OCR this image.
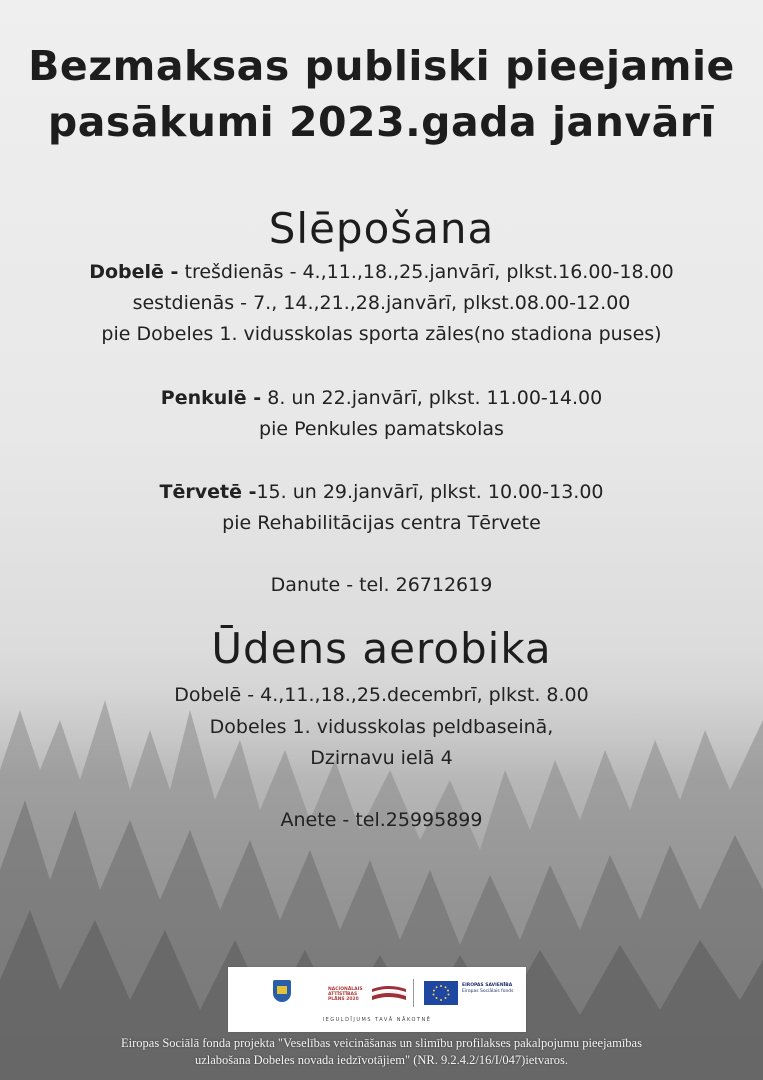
Bezmaksas publiski pieejamie
pasākumi 2023.gada janvārī
Slēpošana
Dobelē - trešdienās - 4.,11.,18.,25.janvārī, plkst.16.00-18.00
sestdienās - 7., 14.,21.,28.janvārī, plkst.08.00-12.00
pie Dobeles 1. vidusskolas sporta zāles(no stadiona puses)
Penkulē - 8. un 22.janvārī, plkst. 11.00-14.00
pie Penkules pamatskolas
Tērvetē -15. un 29.janvārī, plkst. 10.00-13.00
pie Rehabilitācijas centra Tērvete
Danute - tel. 26712619
Ūdens aerobika
Dobelē - 4.,11.,18.,25.decembrī, plkst. 8.00
Dobeles 1. vidusskolas peldbaseinā,
Dzirnavu ielā 4
Anete - tel.25995899
NACIONĀLAIS ATTĪSTĪBAS PLĀNS 2020
EIROPAS SAVIENĪBA
Eiropas Sociālais fonds
IEGULDĪJUMS TAVĀ NĀKOTNĒ
Eiropas Sociālā fonda projekta "Veselības veicināšanas un slimību profilakses pakalpojumu pieejamības
uzlabošana Dobeles novada iedzīvotājiem" (NR. 9.2.4.2/16/I/047)ietvaros.
